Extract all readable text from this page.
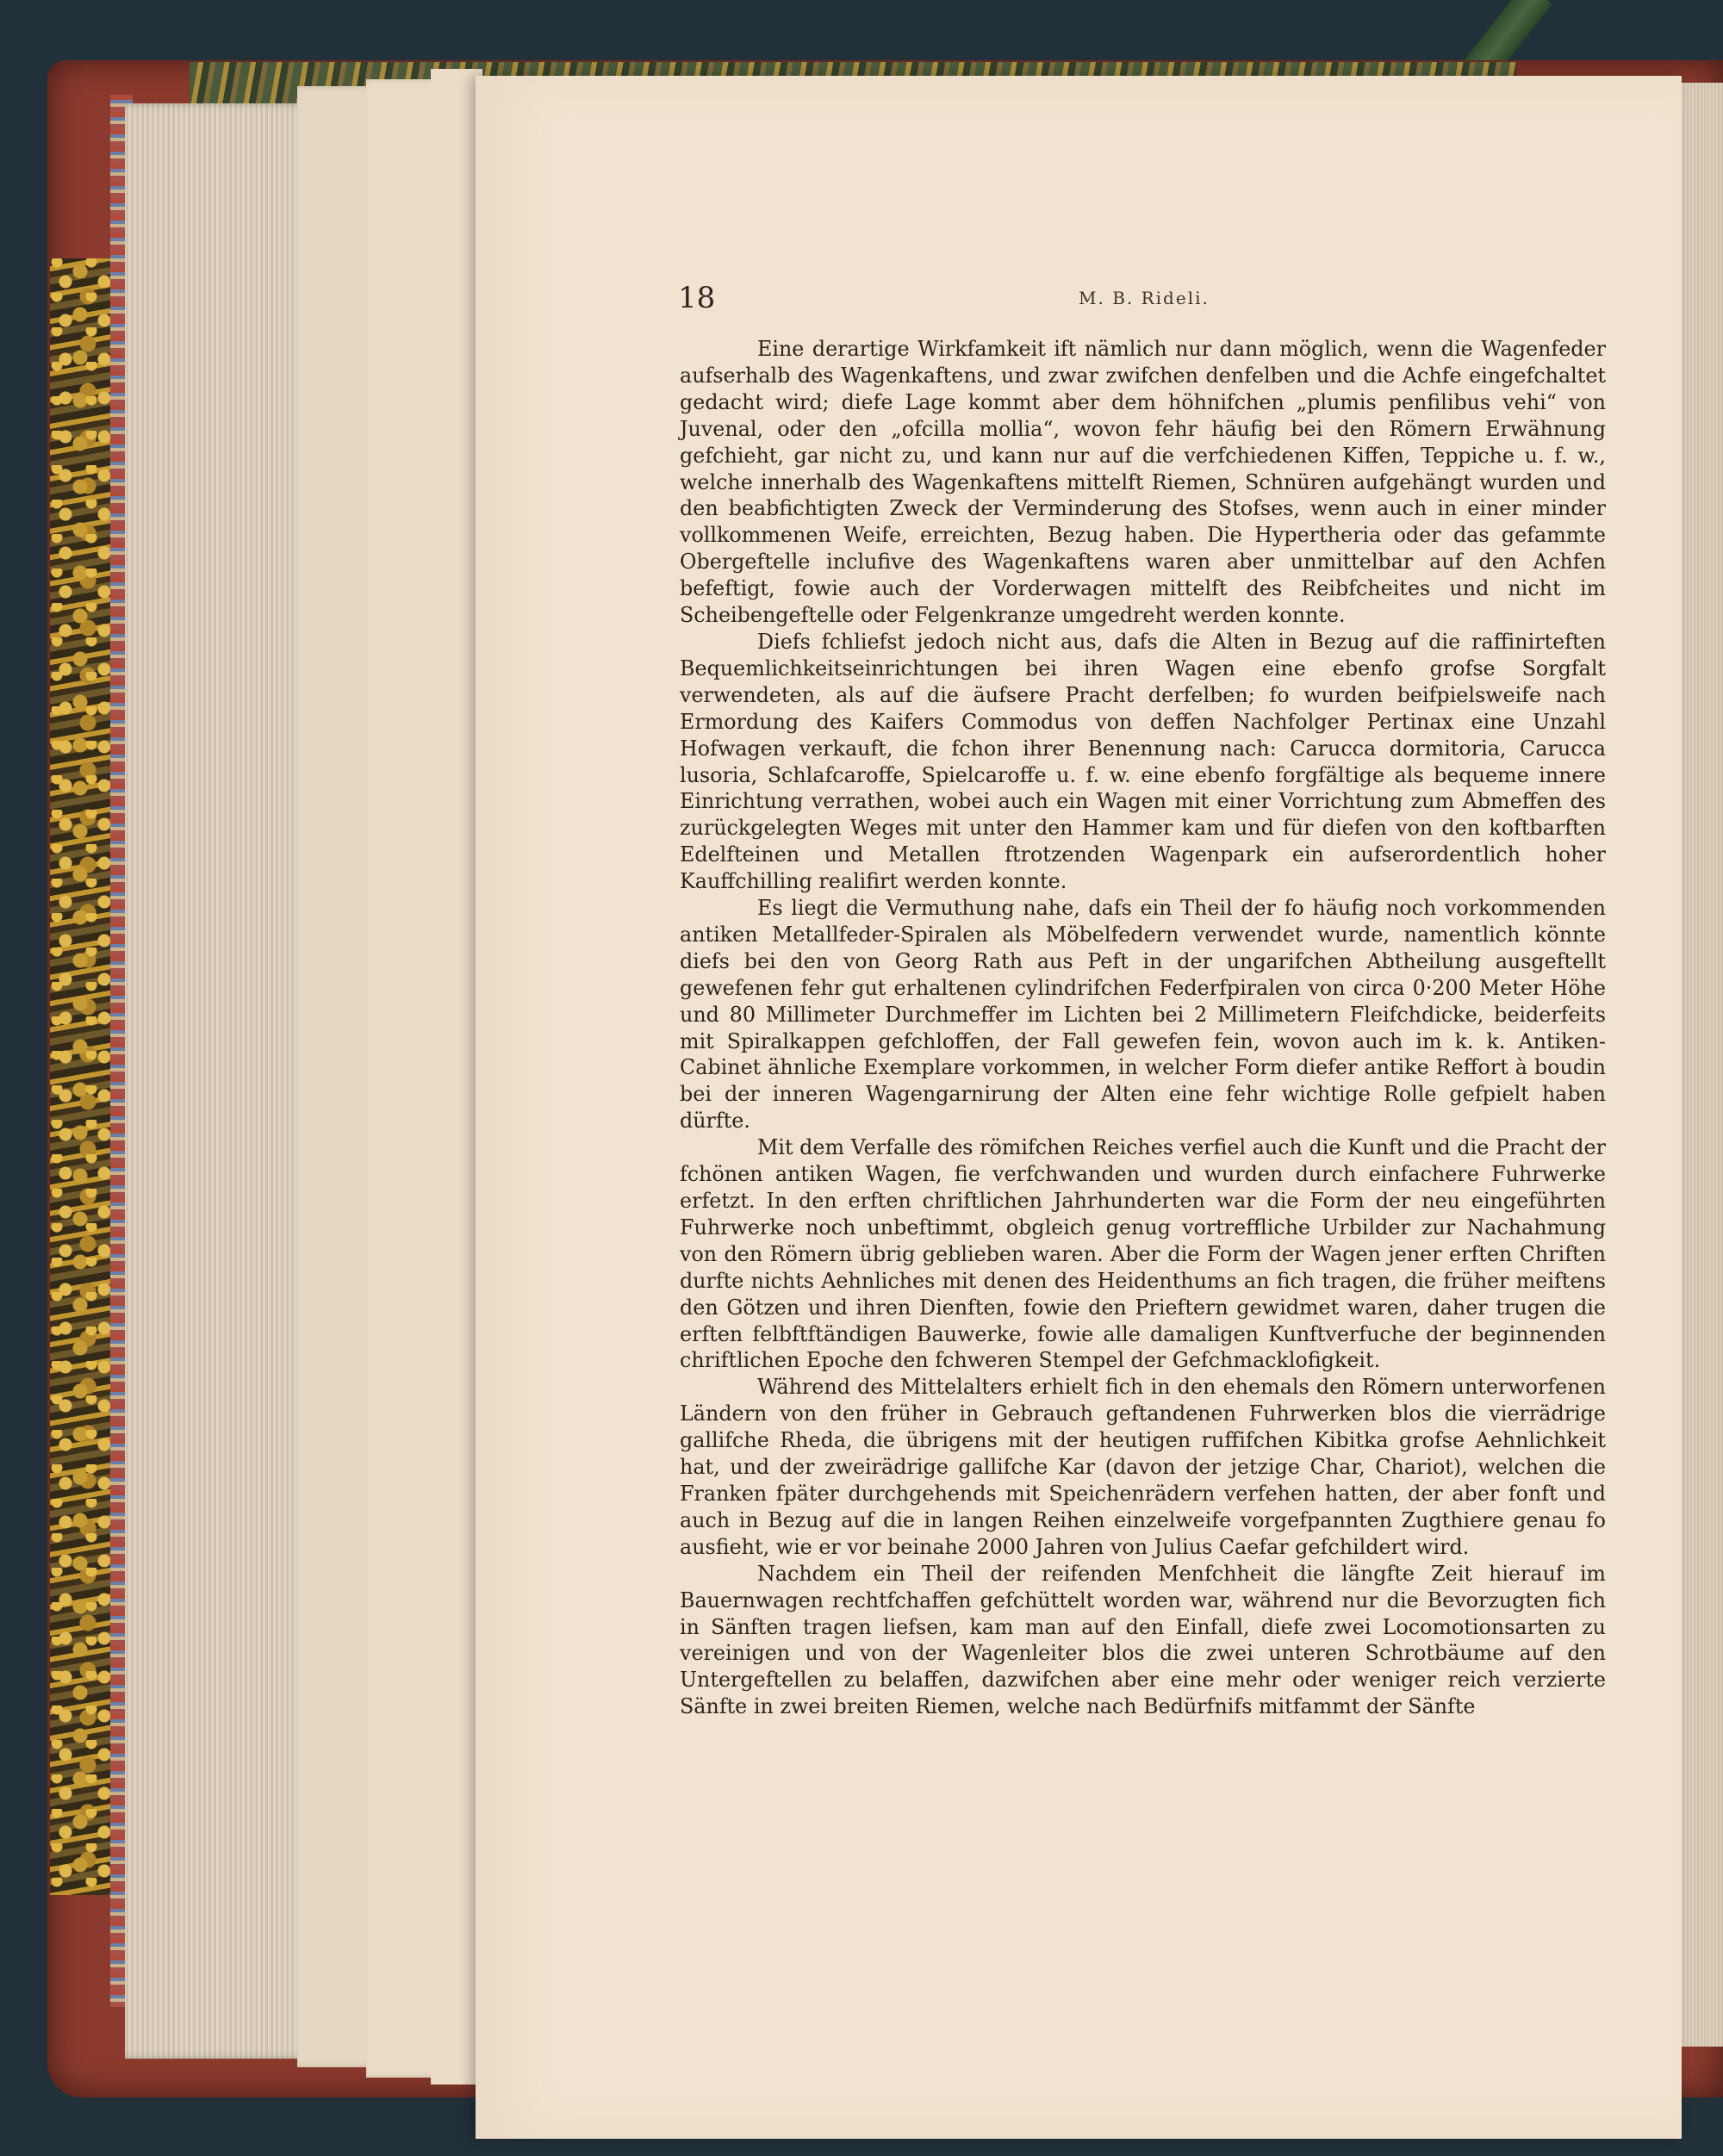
18	M. B. Rideli.

Eine derartige Wirkfamkeit ift nämlich nur dann möglich, wenn die Wagenfeder aufserhalb des Wagenkaftens, und zwar zwifchen denfelben und die Achfe eingefchaltet gedacht wird; diefe Lage kommt aber dem höhnifchen „plumis penfilibus vehi“ von Juvenal, oder den „ofcilla mollia“, wovon fehr häufig bei den Römern Erwähnung gefchieht, gar nicht zu, und kann nur auf die verfchiedenen Kiffen, Teppiche u. f. w., welche innerhalb des Wagenkaftens mittelft Riemen, Schnüren aufgehängt wurden und den beabfichtigten Zweck der Verminderung des Stofses, wenn auch in einer minder vollkommenen Weife, erreichten, Bezug haben. Die Hypertheria oder das gefammte Obergeftelle inclufive des Wagenkaftens waren aber unmittelbar auf den Achfen befeftigt, fowie auch der Vorderwagen mittelft des Reibfcheites und nicht im Scheibengeftelle oder Felgenkranze umgedreht werden konnte.

Diefs fchliefst jedoch nicht aus, dafs die Alten in Bezug auf die raffinirteften Bequemlichkeitseinrichtungen bei ihren Wagen eine ebenfo grofse Sorgfalt verwendeten, als auf die äufsere Pracht derfelben; fo wurden beifpielsweife nach Ermordung des Kaifers Commodus von deffen Nachfolger Pertinax eine Unzahl Hofwagen verkauft, die fchon ihrer Benennung nach: Carucca dormitoria, Carucca lusoria, Schlafcaroffe, Spielcaroffe u. f. w. eine ebenfo forgfältige als bequeme innere Einrichtung verrathen, wobei auch ein Wagen mit einer Vorrichtung zum Abmeffen des zurückgelegten Weges mit unter den Hammer kam und für diefen von den koftbarften Edelfteinen und Metallen ftrotzenden Wagenpark ein aufserordentlich hoher Kauffchilling realifirt werden konnte.

Es liegt die Vermuthung nahe, dafs ein Theil der fo häufig noch vorkommenden antiken Metallfeder-Spiralen als Möbelfedern verwendet wurde, namentlich könnte diefs bei den von Georg Rath aus Peft in der ungarifchen Abtheilung ausgeftellt gewefenen fehr gut erhaltenen cylindrifchen Federfpiralen von circa 0·200 Meter Höhe und 80 Millimeter Durchmeffer im Lichten bei 2 Millimetern Fleifchdicke, beiderfeits mit Spiralkappen gefchloffen, der Fall gewefen fein, wovon auch im k. k. Antiken-Cabinet ähnliche Exemplare vorkommen, in welcher Form diefer antike Reffort à boudin bei der inneren Wagengarnirung der Alten eine fehr wichtige Rolle gefpielt haben dürfte.

Mit dem Verfalle des römifchen Reiches verfiel auch die Kunft und die Pracht der fchönen antiken Wagen, fie verfchwanden und wurden durch einfachere Fuhrwerke erfetzt. In den erften chriftlichen Jahrhunderten war die Form der neu eingeführten Fuhrwerke noch unbeftimmt, obgleich genug vortreffliche Urbilder zur Nachahmung von den Römern übrig geblieben waren. Aber die Form der Wagen jener erften Chriften durfte nichts Aehnliches mit denen des Heidenthums an fich tragen, die früher meiftens den Götzen und ihren Dienften, fowie den Prieftern gewidmet waren, daher trugen die erften felbftftändigen Bauwerke, fowie alle damaligen Kunftverfuche der beginnenden chriftlichen Epoche den fchweren Stempel der Gefchmacklofigkeit.

Während des Mittelalters erhielt fich in den ehemals den Römern unterworfenen Ländern von den früher in Gebrauch geftandenen Fuhrwerken blos die vierrädrige gallifche Rheda, die übrigens mit der heutigen ruffifchen Kibitka grofse Aehnlichkeit hat, und der zweirädrige gallifche Kar (davon der jetzige Char, Chariot), welchen die Franken fpäter durchgehends mit Speichenrädern verfehen hatten, der aber fonft und auch in Bezug auf die in langen Reihen einzelweife vorgefpannten Zugthiere genau fo ausfieht, wie er vor beinahe 2000 Jahren von Julius Caefar gefchildert wird.

Nachdem ein Theil der reifenden Menfchheit die längfte Zeit hierauf im Bauernwagen rechtfchaffen gefchüttelt worden war, während nur die Bevorzugten fich in Sänften tragen liefsen, kam man auf den Einfall, diefe zwei Locomotionsarten zu vereinigen und von der Wagenleiter blos die zwei unteren Schrotbäume auf den Untergeftellen zu belaffen, dazwifchen aber eine mehr oder weniger reich verzierte Sänfte in zwei breiten Riemen, welche nach Bedürfnifs mitfammt der Sänfte
